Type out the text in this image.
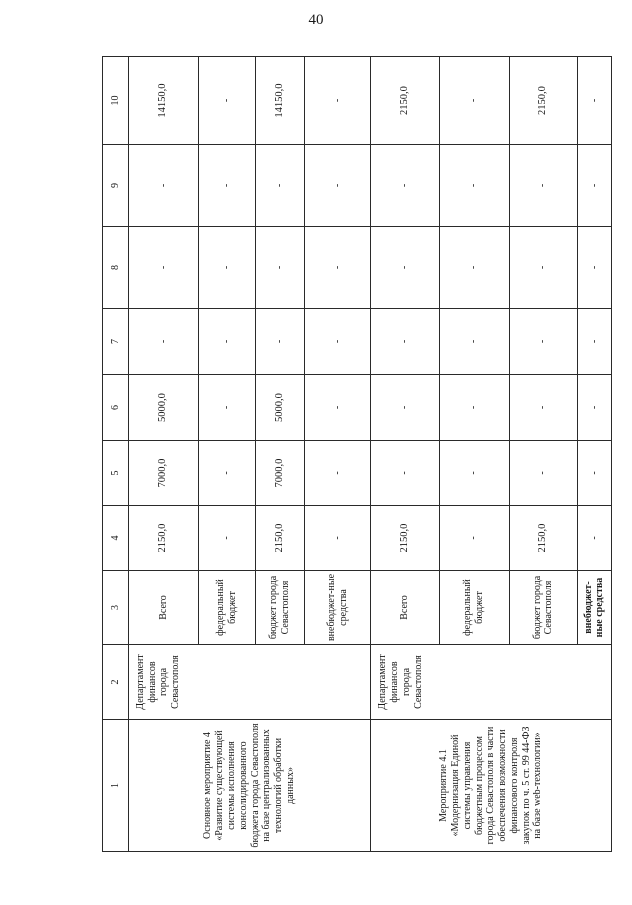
40
1	2	3	4	5	6	7	8	9	10
Основное мероприятие 4 «Развитие существующей системы исполнения консолидированного бюджета города Севастополя на базе централизованных технологий обработки данных»	Департамент финансов города Севастополя	Всего	2150,0	7000,0	5000,0	-	-	-	14150,0
		федеральный бюджет	-	-	-	-	-	-	-
		бюджет города Севастополя	2150,0	7000,0	5000,0	-	-	-	14150,0
		внебюджет-ные средства	-	-	-	-	-	-	-
Мероприятие 4.1 «Модернизация Единой системы управления бюджетным процессом города Севастополя в части обеспечения возможности финансового контроля закупок по ч. 5 ст. 99 44-ФЗ на базе web-технологии»	Департамент финансов города Севастополя	Всего	2150,0	-	-	-	-	-	2150,0
		федеральный бюджет	-	-	-	-	-	-	-
		бюджет города Севастополя	2150,0	-	-	-	-	-	2150,0
		внебюджет-ные средства	-	-	-	-	-	-	-
